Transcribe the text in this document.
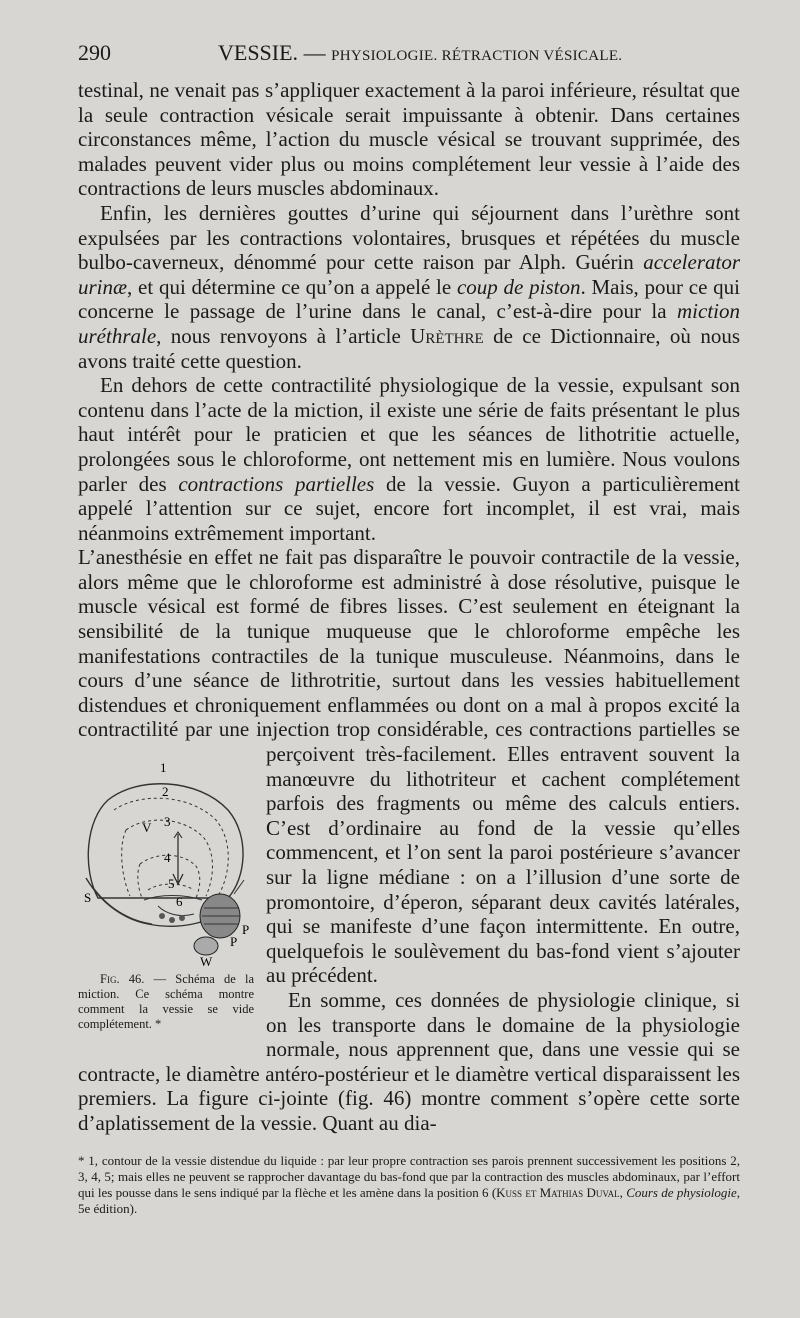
290	VESSIE. — PHYSIOLOGIE. RÉTRACTION VÉSICALE.

testinal, ne venait pas s’appliquer exactement à la paroi inférieure, résultat que la seule contraction vésicale serait impuissante à obtenir. Dans certaines circonstances même, l’action du muscle vésical se trouvant supprimée, des malades peuvent vider plus ou moins complétement leur vessie à l’aide des contractions de leurs muscles abdominaux.

Enfin, les dernières gouttes d’urine qui séjournent dans l’urèthre sont expulsées par les contractions volontaires, brusques et répétées du muscle bulbo-caverneux, dénommé pour cette raison par Alph. Guérin accelerator urinæ, et qui détermine ce qu’on a appelé le coup de piston. Mais, pour ce qui concerne le passage de l’urine dans le canal, c’est-à-dire pour la miction uréthrale, nous renvoyons à l’article Urèthre de ce Dictionnaire, où nous avons traité cette question.

En dehors de cette contractilité physiologique de la vessie, expulsant son contenu dans l’acte de la miction, il existe une série de faits présentant le plus haut intérêt pour le praticien et que les séances de lithotritie actuelle, prolongées sous le chloroforme, ont nettement mis en lumière. Nous voulons parler des contractions partielles de la vessie. Guyon a particulièrement appelé l’attention sur ce sujet, encore fort incomplet, il est vrai, mais néanmoins extrêmement important.

L’anesthésie en effet ne fait pas disparaître le pouvoir contractile de la vessie, alors même que le chloroforme est administré à dose résolutive, puisque le muscle vésical est formé de fibres lisses. C’est seulement en éteignant la sensibilité de la tunique muqueuse que le chloroforme empêche les manifestations contractiles de la tunique musculeuse. Néanmoins, dans le cours d’une séance de lithrotritie, surtout dans les vessies habituellement distendues et chroniquement enflammées ou dont on a mal à propos excité la contractilité par une injection trop considérable, ces contractions partielles se perçoivent très-facilement. Elles entravent sou
1
2
V 3
4
5
6
S
P
P
W
Fig. 46. — Schéma de la miction. Ce schéma montre comment la vessie se vide complétement. *
vent la manœuvre du lithotriteur et cachent complétement parfois des fragments ou même des calculs entiers. C’est d’ordinaire au fond de la vessie qu’elles commencent, et l’on sent la paroi postérieure s’avancer sur la ligne médiane : on a l’illusion d’une sorte de promontoire, d’éperon, séparant deux cavités latérales, qui se manifeste d’une façon intermittente. En outre, quelquefois le soulèvement du bas-fond vient s’ajouter au précédent.

En somme, ces données de physiologie clinique, si on les transporte dans le domaine de la physiologie normale, nous apprennent que, dans une vessie qui se contracte, le diamètre antéro-postérieur et le diamètre vertical disparaissent les premiers. La figure ci-jointe (fig. 46) montre comment s’opère cette sorte d’aplatissement de la vessie. Quant au dia-

* 1, contour de la vessie distendue du liquide : par leur propre contraction ses parois prennent successivement les positions 2, 3, 4, 5; mais elles ne peuvent se rapprocher davantage du bas-fond que par la contraction des muscles abdominaux, par l’effort qui les pousse dans le sens indiqué par la flèche et les amène dans la position 6 (Kuss et Mathias Duval, Cours de physiologie, 5e édition).
